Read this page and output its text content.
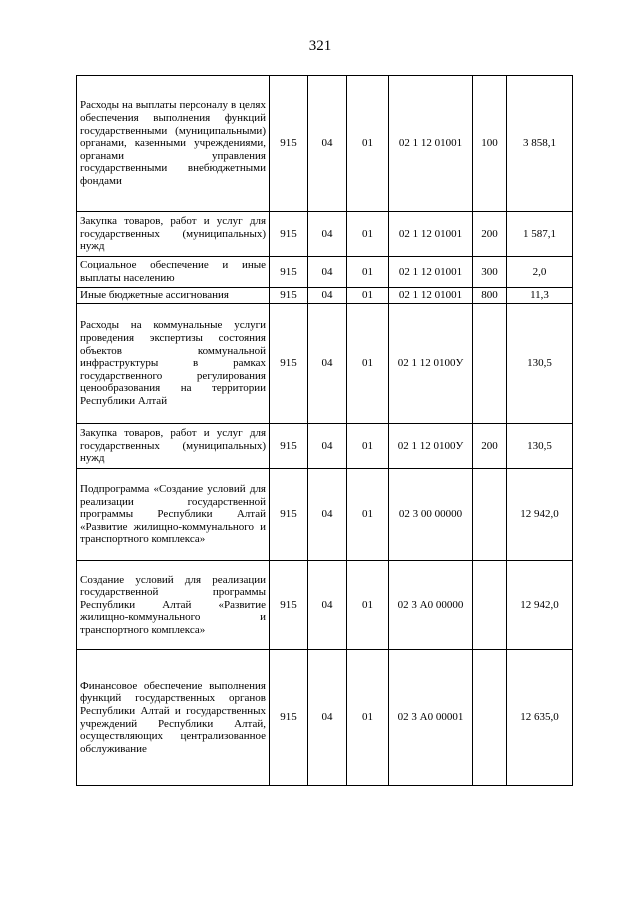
321
Расходы на выплаты персоналу в целях обеспечения выполнения функций государственными (муниципальными) органами, казенными учреждениями, органами управления государственными внебюджетными фондами	915	04	01	02 1 12 01001	100	3 858,1
Закупка товаров, работ и услуг для государственных (муниципальных) нужд	915	04	01	02 1 12 01001	200	1 587,1
Социальное обеспечение и иные выплаты населению	915	04	01	02 1 12 01001	300	2,0
Иные бюджетные ассигнования	915	04	01	02 1 12 01001	800	11,3
Расходы на коммунальные услуги проведения экспертизы состояния объектов коммунальной инфраструктуры в рамках государственного регулирования ценообразования на территории Республики Алтай	915	04	01	02 1 12 0100У		130,5
Закупка товаров, работ и услуг для государственных (муниципальных) нужд	915	04	01	02 1 12 0100У	200	130,5
Подпрограмма «Создание условий для реализации государственной программы Республики Алтай «Развитие жилищно-коммунального и транспортного комплекса»	915	04	01	02 3 00 00000		12 942,0
Создание условий для реализации государственной программы Республики Алтай «Развитие жилищно-коммунального и транспортного комплекса»	915	04	01	02 3 А0 00000		12 942,0
Финансовое обеспечение выполнения функций государственных органов Республики Алтай и государственных учреждений Республики Алтай, осуществляющих централизованное обслуживание	915	04	01	02 3 А0 00001		12 635,0
